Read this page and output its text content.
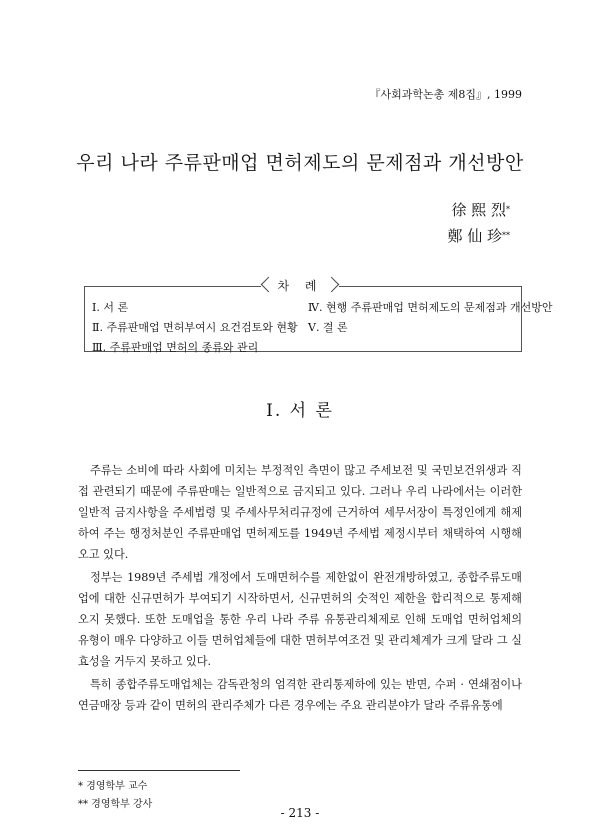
『사회과학논총 제8집』, 1999
우리 나라 주류판매업 면허제도의 문제점과 개선방안
徐 熙 烈*
鄭 仙 珍**
차 례
Ⅰ. 서 론
Ⅱ. 주류판매업 면허부여시 요건검토와 현황
Ⅲ. 주류판매업 면허의 종류와 관리
Ⅳ. 현행 주류판매업 면허제도의 문제점과 개선방안
Ⅴ. 결 론
Ⅰ. 서 론

주류는 소비에 따라 사회에 미치는 부정적인 측면이 많고 주세보전 및 국민보건위생과 직접 관련되기 때문에 주류판매는 일반적으로 금지되고 있다. 그러나 우리 나라에서는 이러한 일반적 금지사항을 주세법령 및 주세사무처리규정에 근거하여 세무서장이 특정인에게 해제하여 주는 행정처분인 주류판매업 면허제도를 1949년 주세법 제정시부터 채택하여 시행해 오고 있다.

정부는 1989년 주세법 개정에서 도매면허수를 제한없이 완전개방하였고, 종합주류도매업에 대한 신규면허가 부여되기 시작하면서, 신규면허의 숫적인 제한을 합리적으로 통제해 오지 못했다. 또한 도매업을 통한 우리 나라 주류 유통관리체제로 인해 도매업 면허업체의 유형이 매우 다양하고 이들 면허업체들에 대한 면허부여조건 및 관리체계가 크게 달라 그 실효성을 거두지 못하고 있다.

특히 종합주류도매업체는 감독관청의 엄격한 관리통제하에 있는 반면, 수퍼 · 연쇄점이나 연금매장 등과 같이 면허의 관리주체가 다른 경우에는 주요 관리분야가 달라 주류유통에

* 경영학부 교수
** 경영학부 강사
- 213 -
